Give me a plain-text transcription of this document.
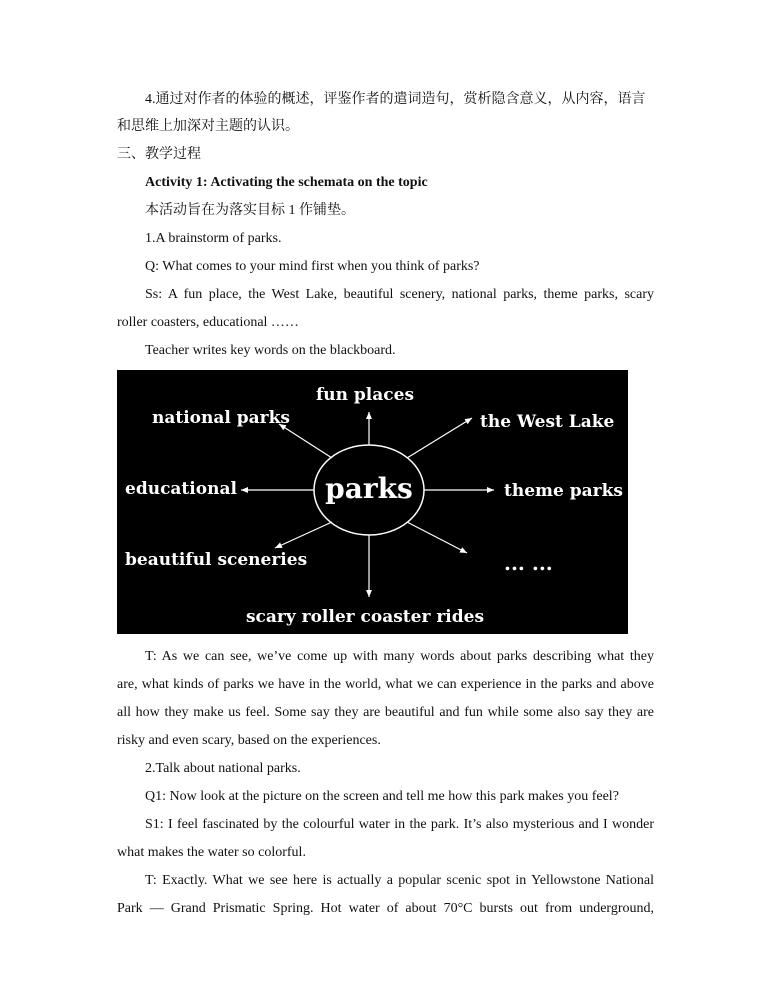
4.通过对作者的体验的概述，评鉴作者的遣词造句，赏析隐含意义，从内容，语言
和思维上加深对主题的认识。
三、教学过程
Activity 1: Activating the schemata on the topic
本活动旨在为落实目标 1 作铺垫。
1.A brainstorm of parks.
Q: What comes to your mind first when you think of parks?
Ss: A fun place, the West Lake, beautiful scenery, national parks, theme parks, scary
roller coasters, educational ……
Teacher writes key words on the blackboard.
parks
fun places
national parks	the West Lake
educational	theme parks
beautiful sceneries	... ...
scary roller coaster rides
T: As we can see, we’ve come up with many words about parks describing what they
are, what kinds of parks we have in the world, what we can experience in the parks and above
all how they make us feel. Some say they are beautiful and fun while some also say they are
risky and even scary, based on the experiences.
2.Talk about national parks.
Q1: Now look at the picture on the screen and tell me how this park makes you feel?
S1: I feel fascinated by the colourful water in the park. It’s also mysterious and I wonder
what makes the water so colorful.
T: Exactly. What we see here is actually a popular scenic spot in Yellowstone National
Park — Grand Prismatic Spring. Hot water of about 70°C bursts out from underground,
